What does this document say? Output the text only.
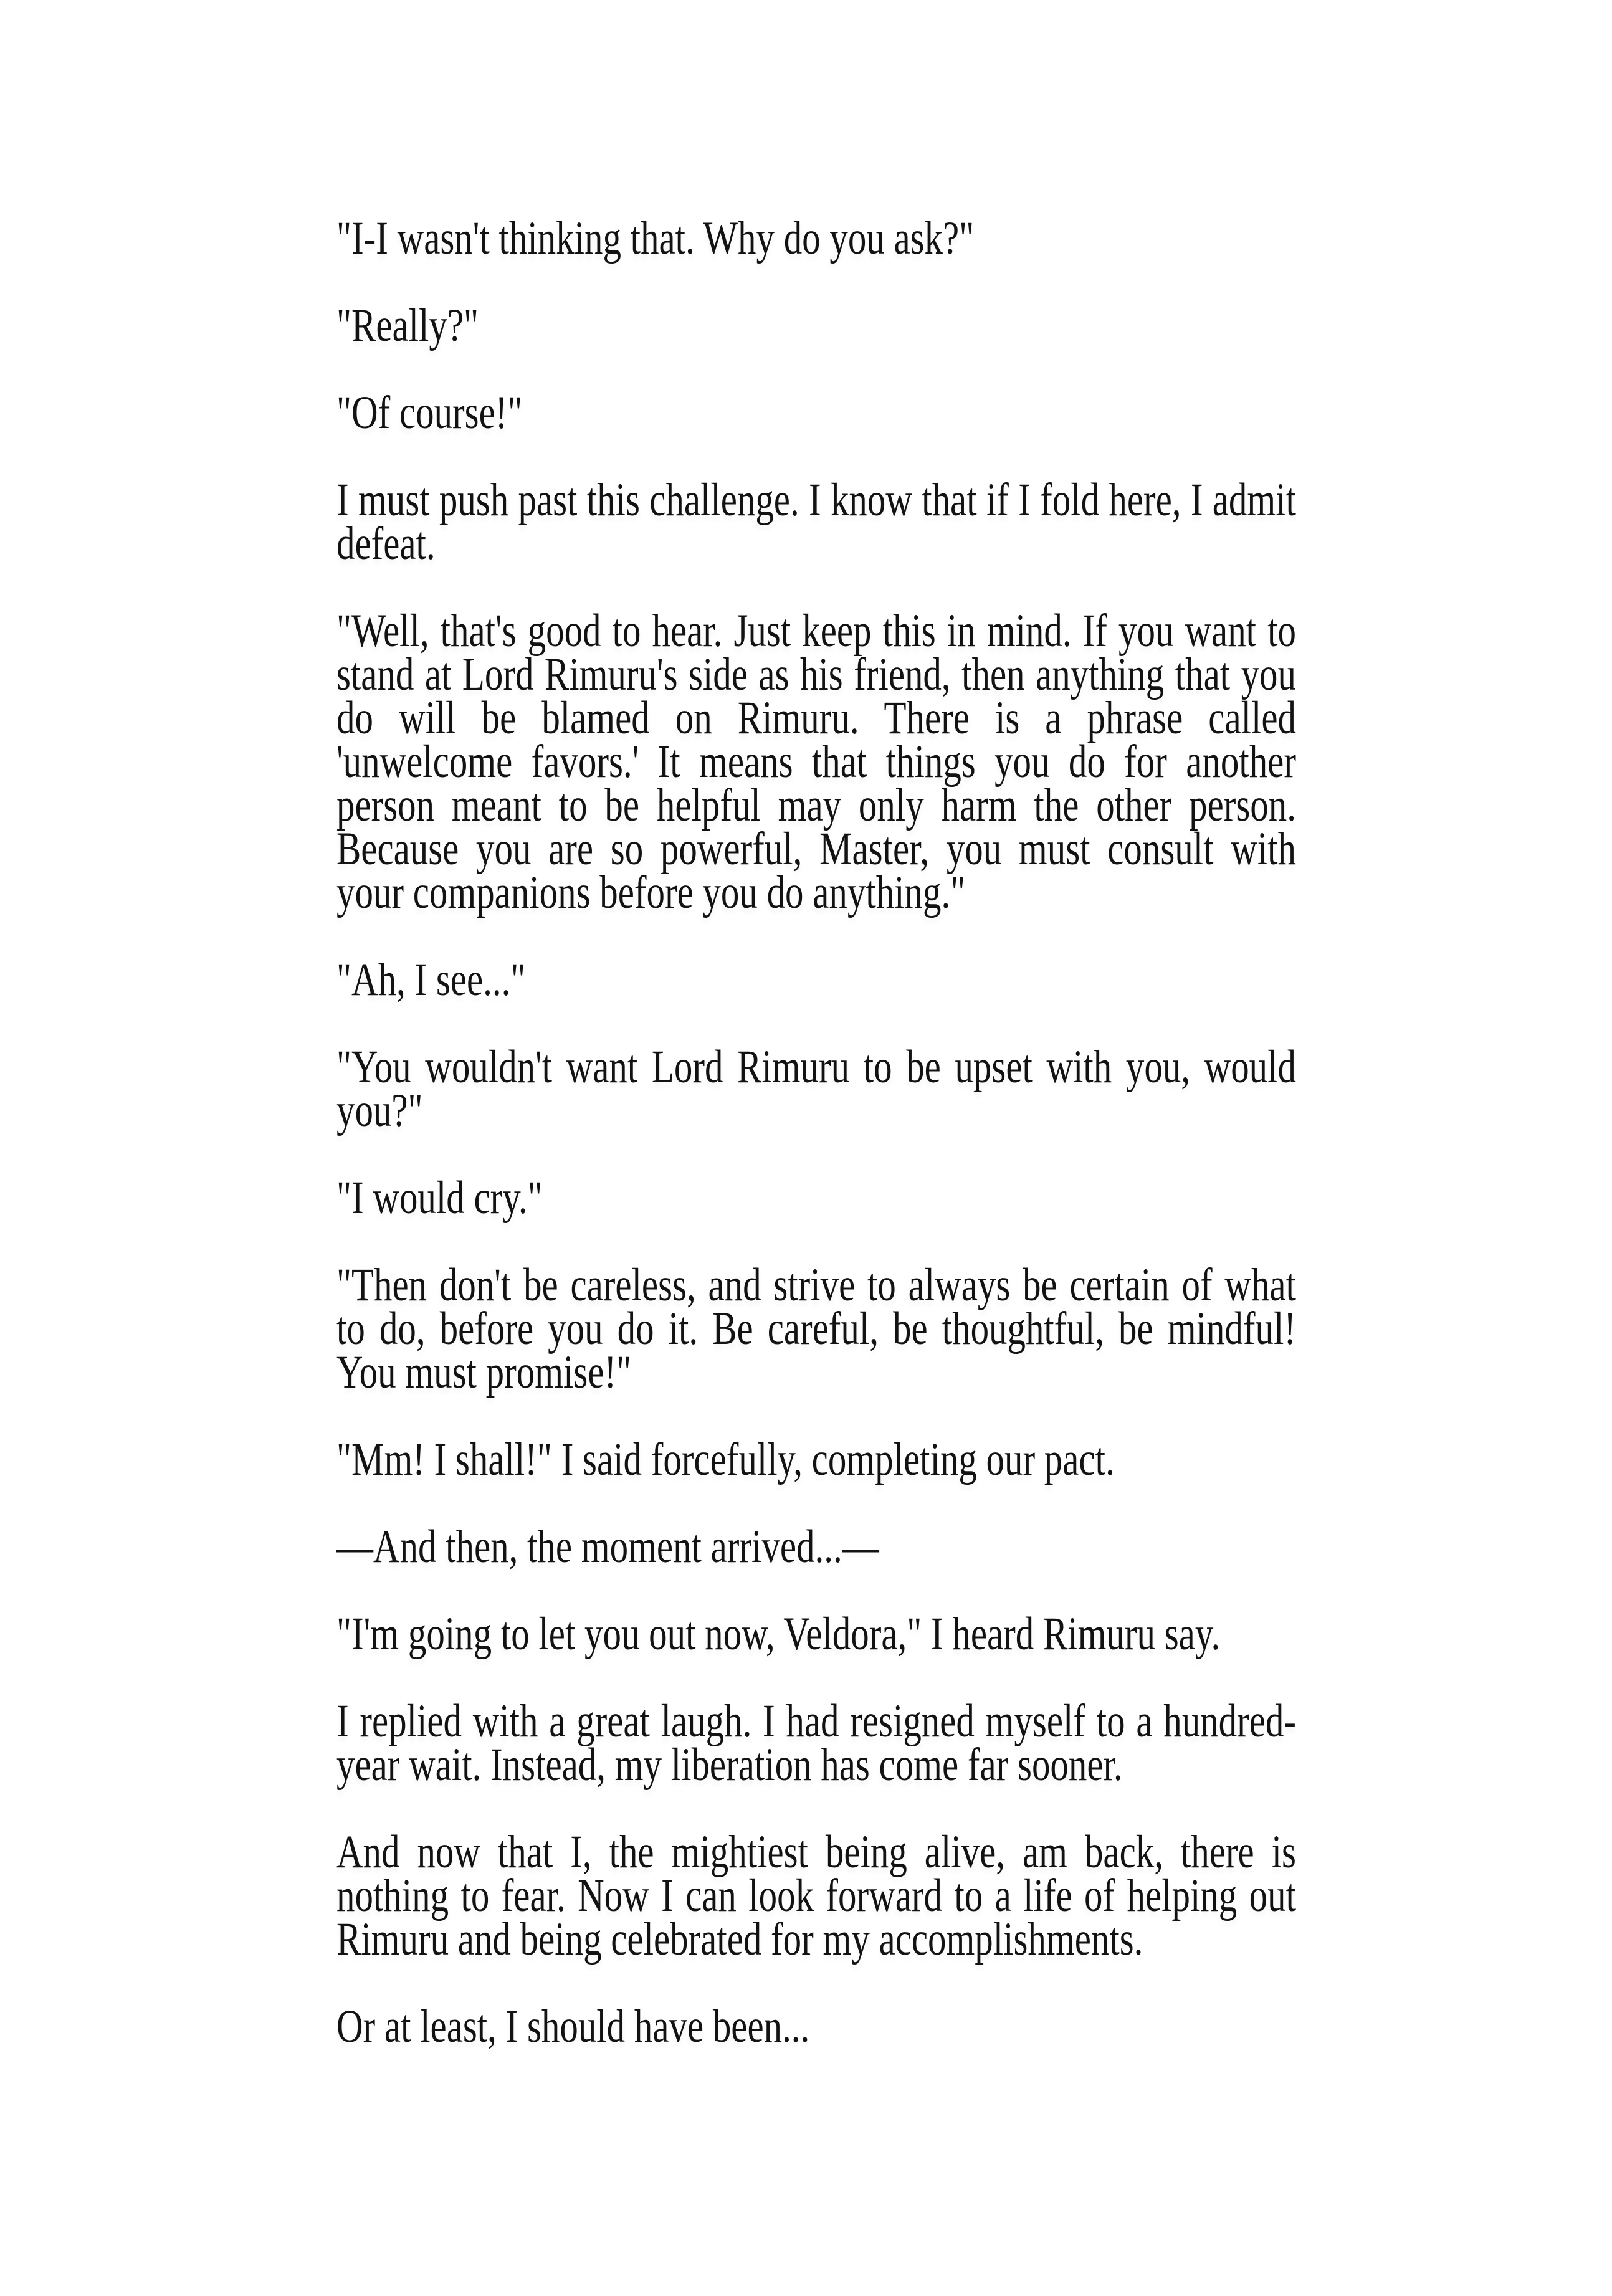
"I-I wasn't thinking that. Why do you ask?"

"Really?"

"Of course!"

I must push past this challenge. I know that if I fold here, I admit defeat.

"Well, that's good to hear. Just keep this in mind. If you want to stand at Lord Rimuru's side as his friend, then anything that you do will be blamed on Rimuru. There is a phrase called 'unwelcome favors.' It means that things you do for another person meant to be helpful may only harm the other person. Because you are so powerful, Master, you must consult with your companions before you do anything."

"Ah, I see..."

"You wouldn't want Lord Rimuru to be upset with you, would you?"

"I would cry."

"Then don't be careless, and strive to always be certain of what to do, before you do it. Be careful, be thoughtful, be mindful! You must promise!"

"Mm! I shall!" I said forcefully, completing our pact.

—And then, the moment arrived...—

"I'm going to let you out now, Veldora," I heard Rimuru say.

I replied with a great laugh. I had resigned myself to a hundred-year wait. Instead, my liberation has come far sooner.

And now that I, the mightiest being alive, am back, there is nothing to fear. Now I can look forward to a life of helping out Rimuru and being celebrated for my accomplishments.

Or at least, I should have been...
